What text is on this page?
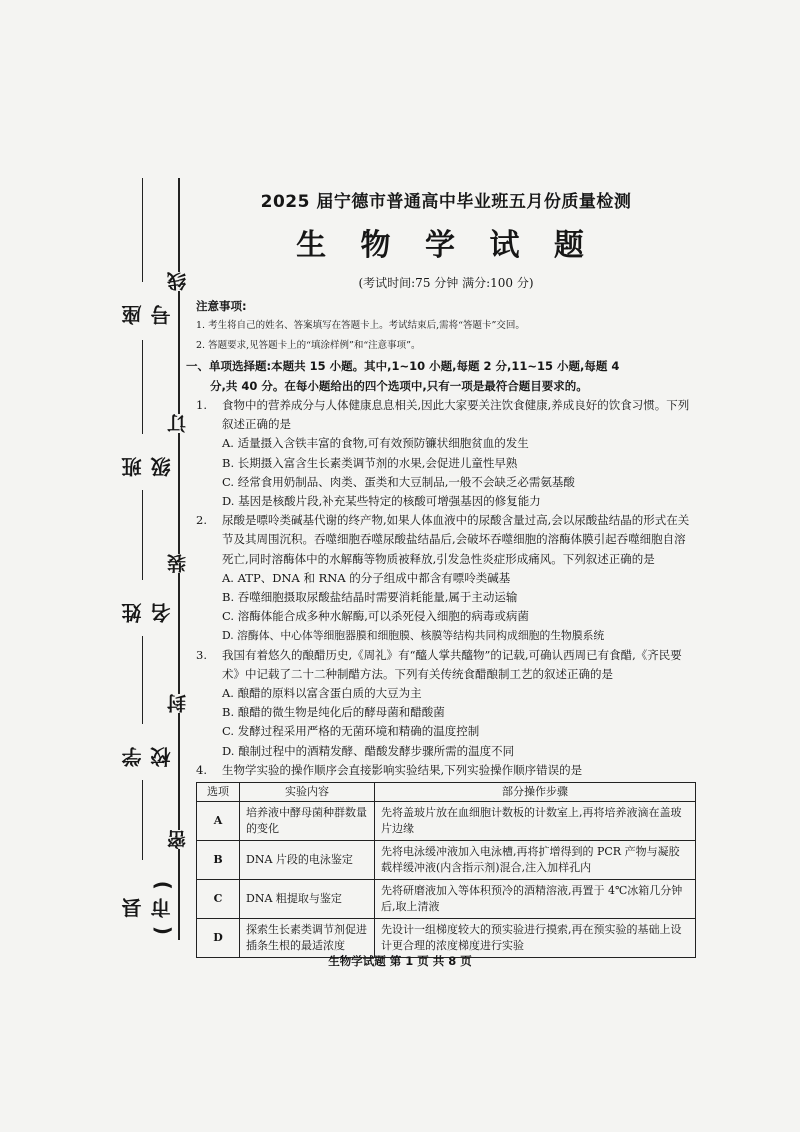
县(市)
学校
姓名
班级
座号
线
订
装
封
密
2025 届宁德市普通高中毕业班五月份质量检测
生 物 学 试 题
(考试时间:75 分钟 满分:100 分)
注意事项:
1. 考生将自己的姓名、答案填写在答题卡上。考试结束后,需将“答题卡”交回。
2. 答题要求,见答题卡上的“填涂样例”和“注意事项”。
一、单项选择题:本题共 15 小题。其中,1~10 小题,每题 2 分,11~15 小题,每题 4
分,共 40 分。在每小题给出的四个选项中,只有一项是最符合题目要求的。
1.	食物中的营养成分与人体健康息息相关,因此大家要关注饮食健康,养成良好的饮食习惯。下列叙述正确的是
A. 适量摄入含铁丰富的食物,可有效预防镰状细胞贫血的发生
B. 长期摄入富含生长素类调节剂的水果,会促进儿童性早熟
C. 经常食用奶制品、肉类、蛋类和大豆制品,一般不会缺乏必需氨基酸
D. 基因是核酸片段,补充某些特定的核酸可增强基因的修复能力
2.	尿酸是嘌呤类碱基代谢的终产物,如果人体血液中的尿酸含量过高,会以尿酸盐结晶的形式在关节及其周围沉积。吞噬细胞吞噬尿酸盐结晶后,会破坏吞噬细胞的溶酶体膜引起吞噬细胞自溶死亡,同时溶酶体中的水解酶等物质被释放,引发急性炎症形成痛风。下列叙述正确的是
A. ATP、DNA 和 RNA 的分子组成中都含有嘌呤类碱基
B. 吞噬细胞摄取尿酸盐结晶时需要消耗能量,属于主动运输
C. 溶酶体能合成多种水解酶,可以杀死侵入细胞的病毒或病菌
D. 溶酶体、中心体等细胞器膜和细胞膜、核膜等结构共同构成细胞的生物膜系统
3.	我国有着悠久的酿醋历史,《周礼》有“醯人掌共醯物”的记载,可确认西周已有食醋,《齐民要术》中记载了二十二种制醋方法。下列有关传统食醋酿制工艺的叙述正确的是
A. 酿醋的原料以富含蛋白质的大豆为主
B. 酿醋的微生物是纯化后的酵母菌和醋酸菌
C. 发酵过程采用严格的无菌环境和精确的温度控制
D. 酿制过程中的酒精发酵、醋酸发酵步骤所需的温度不同
4.	生物学实验的操作顺序会直接影响实验结果,下列实验操作顺序错误的是
选项	实验内容	部分操作步骤
A	培养液中酵母菌种群数量的变化	先将盖玻片放在血细胞计数板的计数室上,再将培养液滴在盖玻片边缘
B	DNA 片段的电泳鉴定	先将电泳缓冲液加入电泳槽,再将扩增得到的 PCR 产物与凝胶载样缓冲液(内含指示剂)混合,注入加样孔内
C	DNA 粗提取与鉴定	先将研磨液加入等体积预冷的酒精溶液,再置于 4℃冰箱几分钟后,取上清液
D	探索生长素类调节剂促进插条生根的最适浓度	先设计一组梯度较大的预实验进行摸索,再在预实验的基础上设计更合理的浓度梯度进行实验
生物学试题 第 1 页 共 8 页
